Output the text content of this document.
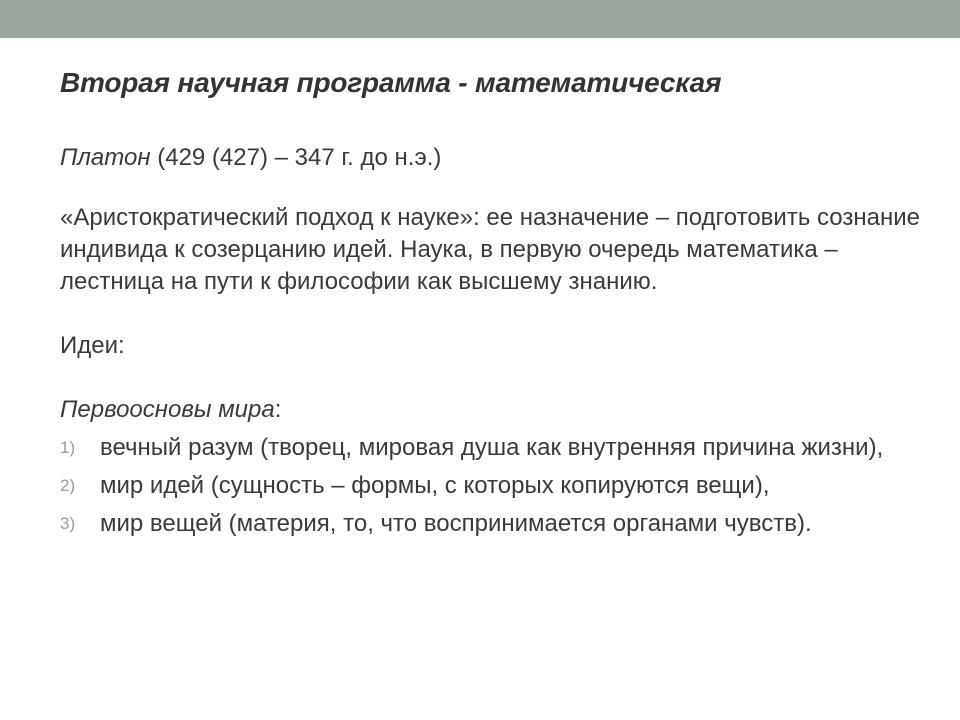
Вторая научная программа - математическая
Платон (429 (427) – 347 г. до н.э.)
«Аристократический подход к науке»: ее назначение – подготовить сознание индивида к созерцанию идей. Наука, в первую очередь математика – лестница на пути к философии как высшему знанию.
Идеи:
Первоосновы мира:
1)	вечный разум (творец, мировая душа как внутренняя причина жизни),
2)	мир идей (сущность – формы, с которых копируются вещи),
3)	мир вещей (материя, то, что воспринимается органами чувств).
